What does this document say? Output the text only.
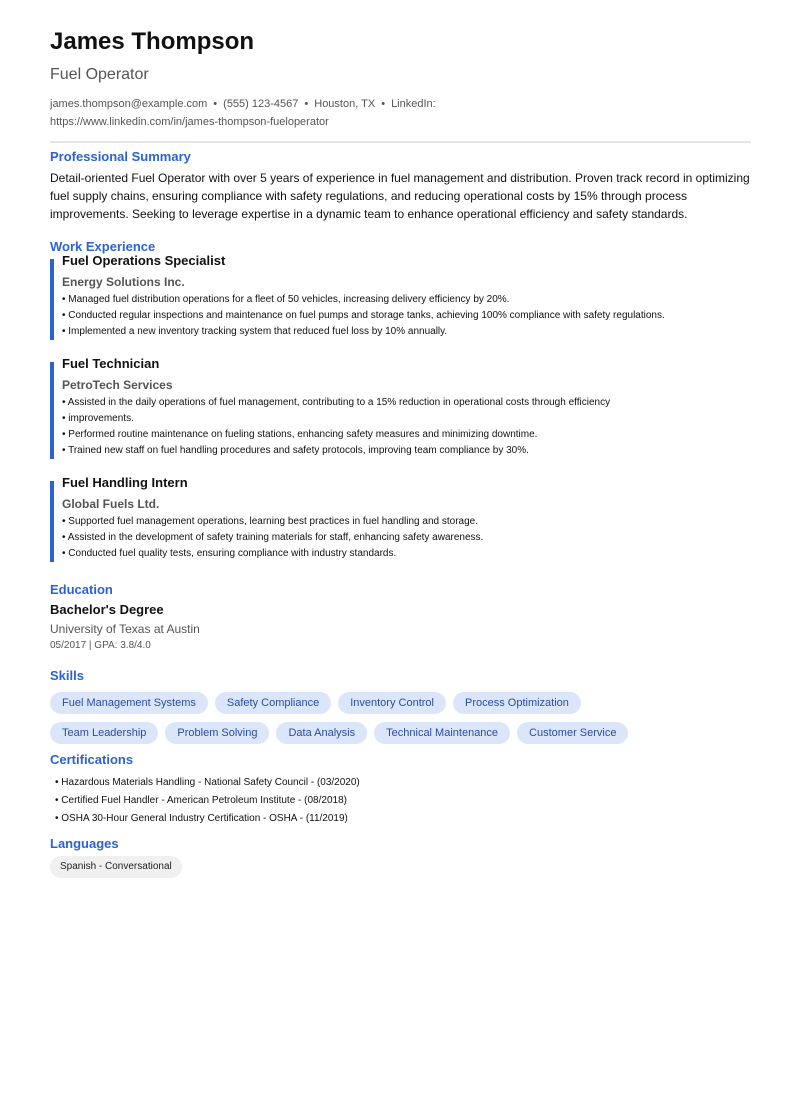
James Thompson
Fuel Operator
james.thompson@example.com • (555) 123-4567 • Houston, TX • LinkedIn:
https://www.linkedin.com/in/james-thompson-fueloperator
Professional Summary
Detail-oriented Fuel Operator with over 5 years of experience in fuel management and distribution. Proven track record in optimizing fuel supply chains, ensuring compliance with safety regulations, and reducing operational costs by 15% through process improvements. Seeking to leverage expertise in a dynamic team to enhance operational efficiency and safety standards.
Work Experience
Fuel Operations Specialist
Energy Solutions Inc.
• Managed fuel distribution operations for a fleet of 50 vehicles, increasing delivery efficiency by 20%.
• Conducted regular inspections and maintenance on fuel pumps and storage tanks, achieving 100% compliance with safety regulations.
• Implemented a new inventory tracking system that reduced fuel loss by 10% annually.
Fuel Technician
PetroTech Services
• Assisted in the daily operations of fuel management, contributing to a 15% reduction in operational costs through efficiency
• improvements.
• Performed routine maintenance on fueling stations, enhancing safety measures and minimizing downtime.
• Trained new staff on fuel handling procedures and safety protocols, improving team compliance by 30%.
Fuel Handling Intern
Global Fuels Ltd.
• Supported fuel management operations, learning best practices in fuel handling and storage.
• Assisted in the development of safety training materials for staff, enhancing safety awareness.
• Conducted fuel quality tests, ensuring compliance with industry standards.
Education
Bachelor's Degree
University of Texas at Austin
05/2017 | GPA: 3.8/4.0
Skills
Fuel Management Systems	Safety Compliance	Inventory Control	Process Optimization
Team Leadership	Problem Solving	Data Analysis	Technical Maintenance	Customer Service
Certifications
• Hazardous Materials Handling - National Safety Council - (03/2020)
• Certified Fuel Handler - American Petroleum Institute - (08/2018)
• OSHA 30-Hour General Industry Certification - OSHA - (11/2019)
Languages
Spanish - Conversational
